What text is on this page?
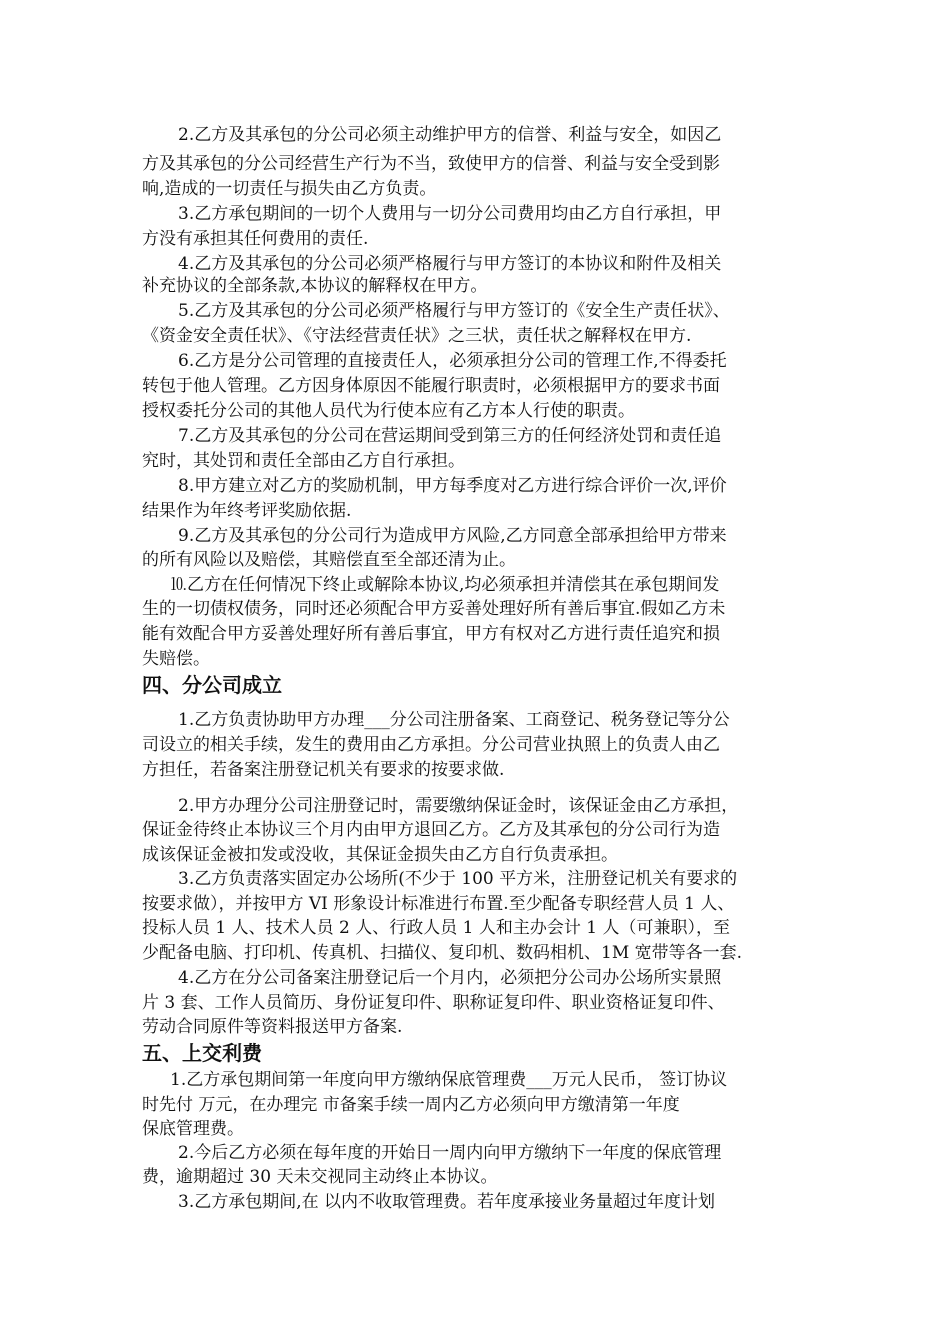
2.乙方及其承包的分公司必须主动维护甲方的信誉、利益与安全，如因乙
方及其承包的分公司经营生产行为不当，致使甲方的信誉、利益与安全受到影
响,造成的一切责任与损失由乙方负责。
3.乙方承包期间的一切个人费用与一切分公司费用均由乙方自行承担，甲
方没有承担其任何费用的责任.
4.乙方及其承包的分公司必须严格履行与甲方签订的本协议和附件及相关
补充协议的全部条款,本协议的解释权在甲方。
5.乙方及其承包的分公司必须严格履行与甲方签订的《安全生产责任状》、
《资金安全责任状》、《守法经营责任状》之三状，责任状之解释权在甲方.
6.乙方是分公司管理的直接责任人，必须承担分公司的管理工作,不得委托
转包于他人管理。乙方因身体原因不能履行职责时，必须根据甲方的要求书面
授权委托分公司的其他人员代为行使本应有乙方本人行使的职责。
7.乙方及其承包的分公司在营运期间受到第三方的任何经济处罚和责任追
究时，其处罚和责任全部由乙方自行承担。
8.甲方建立对乙方的奖励机制，甲方每季度对乙方进行综合评价一次,评价
结果作为年终考评奖励依据.
9.乙方及其承包的分公司行为造成甲方风险,乙方同意全部承担给甲方带来
的所有风险以及赔偿，其赔偿直至全部还清为止。
⒑乙方在任何情况下终止或解除本协议,均必须承担并清偿其在承包期间发
生的一切债权债务，同时还必须配合甲方妥善处理好所有善后事宜.假如乙方未
能有效配合甲方妥善处理好所有善后事宜，甲方有权对乙方进行责任追究和损
失赔偿。
四、分公司成立
1.乙方负责协助甲方办理___分公司注册备案、工商登记、税务登记等分公
司设立的相关手续，发生的费用由乙方承担。分公司营业执照上的负责人由乙
方担任，若备案注册登记机关有要求的按要求做.
2.甲方办理分公司注册登记时，需要缴纳保证金时，该保证金由乙方承担，
保证金待终止本协议三个月内由甲方退回乙方。乙方及其承包的分公司行为造
成该保证金被扣发或没收，其保证金损失由乙方自行负责承担。
3.乙方负责落实固定办公场所(不少于 100 平方米，注册登记机关有要求的
按要求做），并按甲方 VI 形象设计标准进行布置.至少配备专职经营人员 1 人、
投标人员 1 人、技术人员 2 人、行政人员 1 人和主办会计 1 人（可兼职），至
少配备电脑、打印机、传真机、扫描仪、复印机、数码相机、1M 宽带等各一套.
4.乙方在分公司备案注册登记后一个月内，必须把分公司办公场所实景照
片 3 套、工作人员简历、身份证复印件、职称证复印件、职业资格证复印件、
劳动合同原件等资料报送甲方备案.
五、上交利费
1.乙方承包期间第一年度向甲方缴纳保底管理费___万元人民币， 签订协议
时先付 万元，在办理完 市备案手续一周内乙方必须向甲方缴清第一年度
保底管理费。
2.今后乙方必须在每年度的开始日一周内向甲方缴纳下一年度的保底管理
费，逾期超过 30 天未交视同主动终止本协议。
3.乙方承包期间,在 以内不收取管理费。若年度承接业务量超过年度计划
